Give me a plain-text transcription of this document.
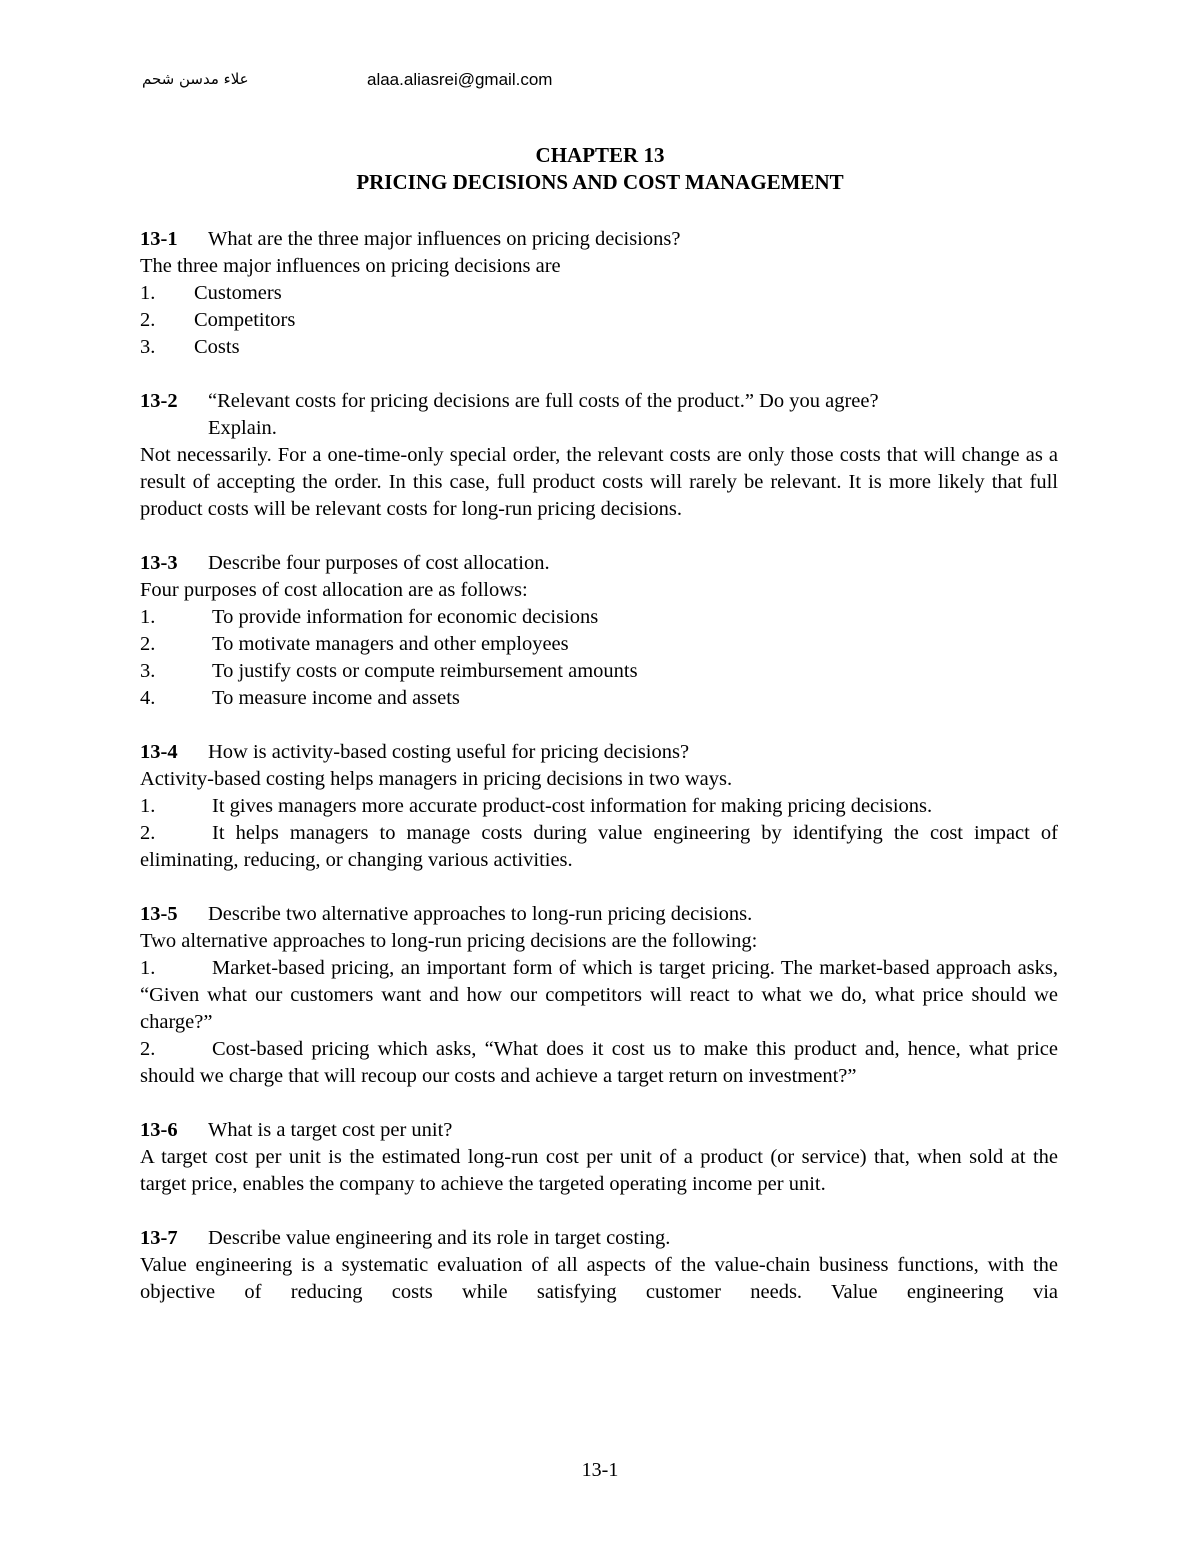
علاء مدسن شحم	alaa.aliasrei@gmail.com
CHAPTER 13
PRICING DECISIONS AND COST MANAGEMENT

13-1 What are the three major influences on pricing decisions?

The three major influences on pricing decisions are

1. Customers

2. Competitors

3. Costs

13-2 “Relevant costs for pricing decisions are full costs of the product.” Do you agree?

Explain.

Not necessarily. For a one-time-only special order, the relevant costs are only those costs that will change as a result of accepting the order. In this case, full product costs will rarely be relevant. It is more likely that full product costs will be relevant costs for long-run pricing decisions.

13-3 Describe four purposes of cost allocation.

Four purposes of cost allocation are as follows:

1.	To provide information for economic decisions

2.	To motivate managers and other employees

3.	To justify costs or compute reimbursement amounts

4.	To measure income and assets

13-4 How is activity-based costing useful for pricing decisions?

Activity-based costing helps managers in pricing decisions in two ways.

1.	It gives managers more accurate product-cost information for making pricing decisions.

2.	It helps managers to manage costs during value engineering by identifying the cost impact of eliminating, reducing, or changing various activities.

13-5 Describe two alternative approaches to long-run pricing decisions.

Two alternative approaches to long-run pricing decisions are the following:

1.	Market-based pricing, an important form of which is target pricing. The market-based approach asks, “Given what our customers want and how our competitors will react to what we do, what price should we charge?”

2.	Cost-based pricing which asks, “What does it cost us to make this product and, hence, what price should we charge that will recoup our costs and achieve a target return on investment?”

13-6 What is a target cost per unit?

A target cost per unit is the estimated long-run cost per unit of a product (or service) that, when sold at the target price, enables the company to achieve the targeted operating income per unit.

13-7 Describe value engineering and its role in target costing.

Value engineering is a systematic evaluation of all aspects of the value-chain business functions, with the objective of reducing costs while satisfying customer needs. Value engineering via

13-1
